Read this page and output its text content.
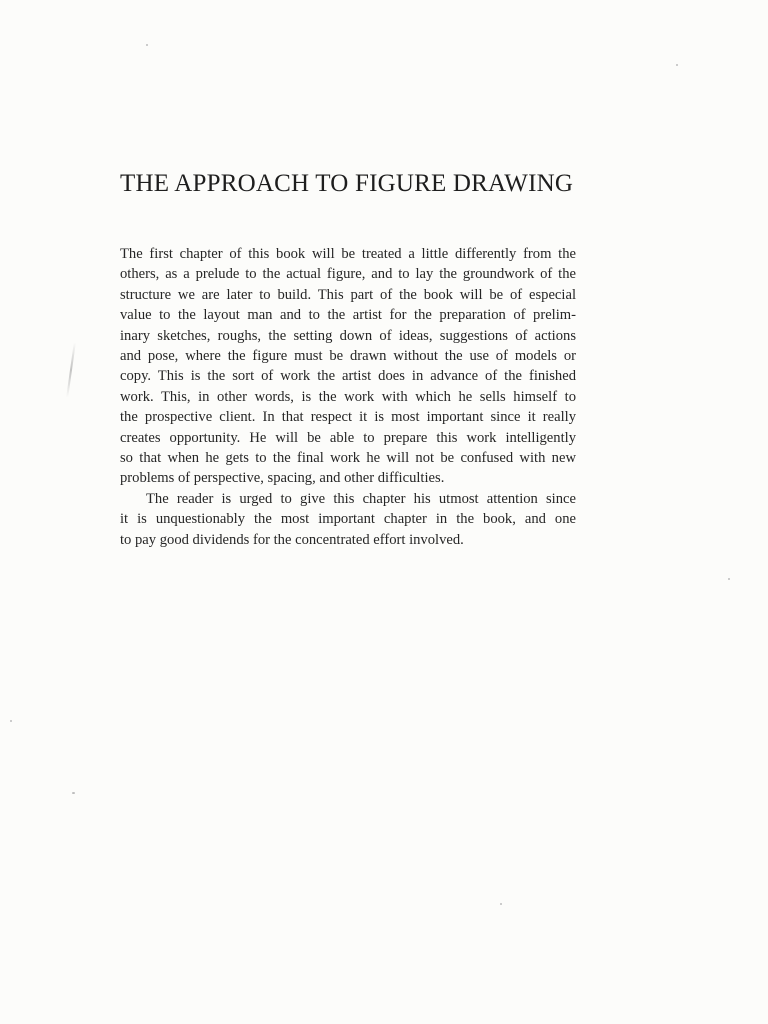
THE APPROACH TO FIGURE DRAWING
The first chapter of this book will be treated a little differently from the
others, as a prelude to the actual figure, and to lay the groundwork of the
structure we are later to build. This part of the book will be of especial
value to the layout man and to the artist for the preparation of prelim-
inary sketches, roughs, the setting down of ideas, suggestions of actions
and pose, where the figure must be drawn without the use of models or
copy. This is the sort of work the artist does in advance of the finished
work. This, in other words, is the work with which he sells himself to
the prospective client. In that respect it is most important since it really
creates opportunity. He will be able to prepare this work intelligently
so that when he gets to the final work he will not be confused with new
problems of perspective, spacing, and other difficulties.
The reader is urged to give this chapter his utmost attention since
it is unquestionably the most important chapter in the book, and one
to pay good dividends for the concentrated effort involved.
